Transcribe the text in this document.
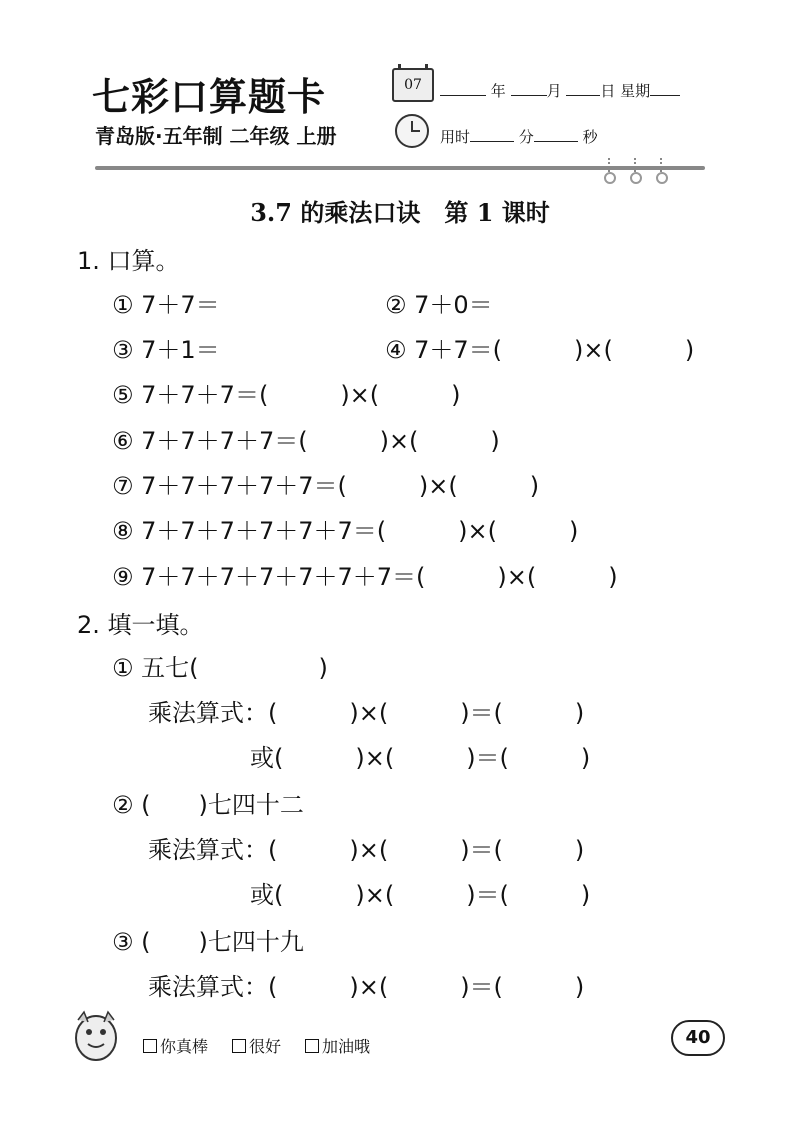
七彩口算题卡
青岛版·五年制 二年级 上册
07	年	月	日 星期
用时	分	秒
3.7 的乘法口诀　第 1 课时
1. 口算。
① 7＋7＝	② 7＋0＝
③ 7＋1＝	④ 7＋7＝(　　　)×(　　　)
⑤ 7＋7＋7＝(　　　)×(　　　)
⑥ 7＋7＋7＋7＝(　　　)×(　　　)
⑦ 7＋7＋7＋7＋7＝(　　　)×(　　　)
⑧ 7＋7＋7＋7＋7＋7＝(　　　)×(　　　)
⑨ 7＋7＋7＋7＋7＋7＋7＝(　　　)×(　　　)
2. 填一填。
① 五七(　　　　　)
乘法算式：(　　　)×(　　　)＝(　　　)
或(　　　)×(　　　)＝(　　　)
② (　　)七四十二
乘法算式：(　　　)×(　　　)＝(　　　)
或(　　　)×(　　　)＝(　　　)
③ (　　)七四十九
乘法算式：(　　　)×(　　　)＝(　　　)
你真棒	很好	加油哦	40
